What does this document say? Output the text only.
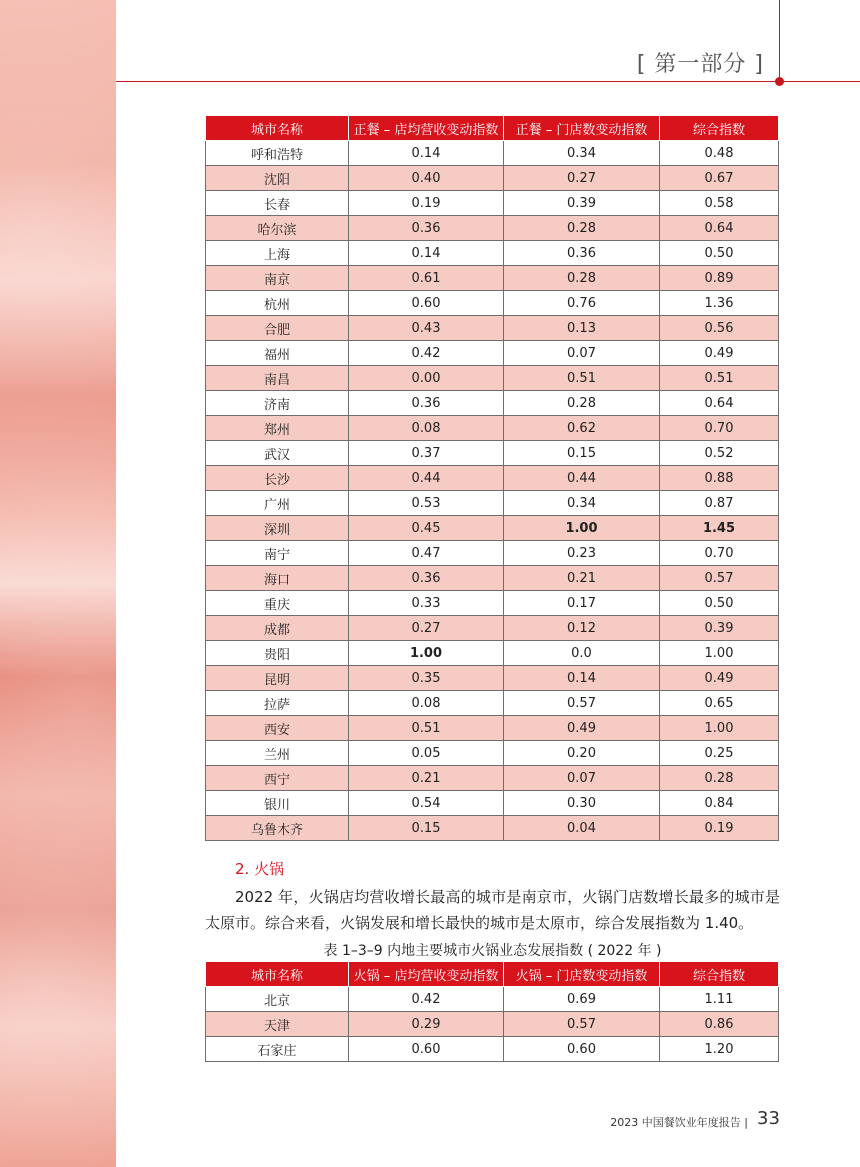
[ 第一部分 ]
城市名称	正餐 – 店均营收变动指数	正餐 – 门店数变动指数	综合指数
呼和浩特	0.14	0.34	0.48
沈阳	0.40	0.27	0.67
长春	0.19	0.39	0.58
哈尔滨	0.36	0.28	0.64
上海	0.14	0.36	0.50
南京	0.61	0.28	0.89
杭州	0.60	0.76	1.36
合肥	0.43	0.13	0.56
福州	0.42	0.07	0.49
南昌	0.00	0.51	0.51
济南	0.36	0.28	0.64
郑州	0.08	0.62	0.70
武汉	0.37	0.15	0.52
长沙	0.44	0.44	0.88
广州	0.53	0.34	0.87
深圳	0.45	1.00	1.45
南宁	0.47	0.23	0.70
海口	0.36	0.21	0.57
重庆	0.33	0.17	0.50
成都	0.27	0.12	0.39
贵阳	1.00	0.0	1.00
昆明	0.35	0.14	0.49
拉萨	0.08	0.57	0.65
西安	0.51	0.49	1.00
兰州	0.05	0.20	0.25
西宁	0.21	0.07	0.28
银川	0.54	0.30	0.84
乌鲁木齐	0.15	0.04	0.19
2. 火锅
2022 年，火锅店均营收增长最高的城市是南京市，火锅门店数增长最多的城市是太原市。综合来看，火锅发展和增长最快的城市是太原市，综合发展指数为 1.40。
表 1–3–9 内地主要城市火锅业态发展指数 ( 2022 年 )
城市名称	火锅 – 店均营收变动指数	火锅 – 门店数变动指数	综合指数
北京	0.42	0.69	1.11
天津	0.29	0.57	0.86
石家庄	0.60	0.60	1.20
2023 中国餐饮业年度报告 | 33
